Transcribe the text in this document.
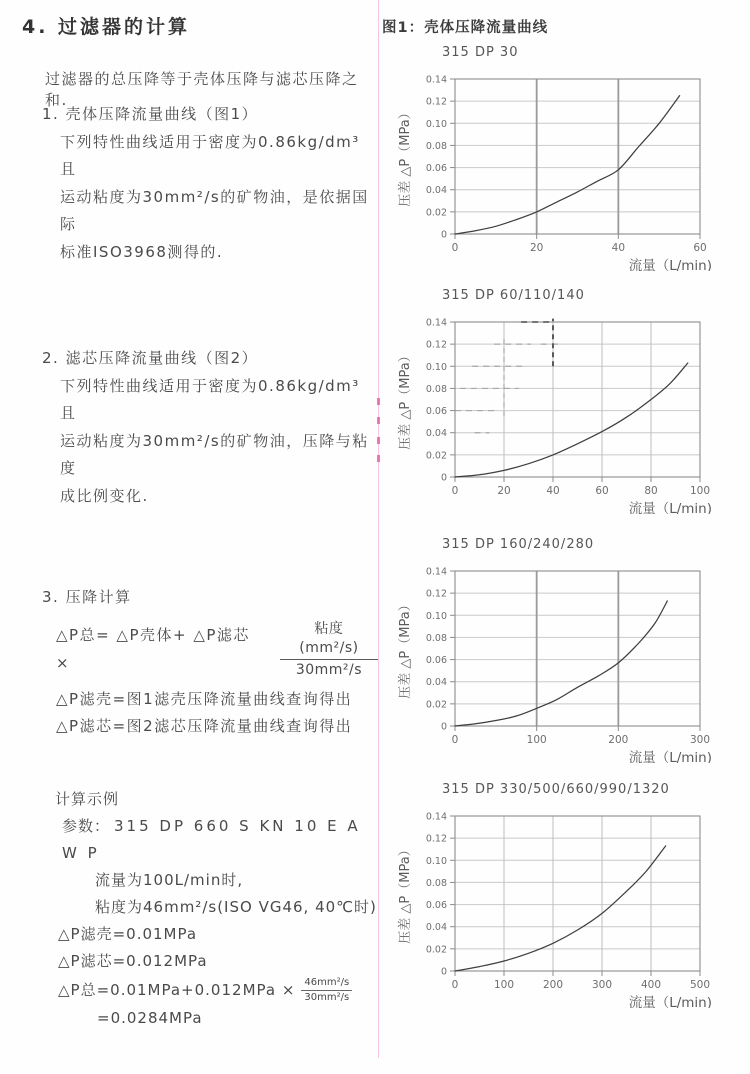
4. 过滤器的计算
过滤器的总压降等于壳体压降与滤芯压降之和.
1. 壳体压降流量曲线（图1）
下列特性曲线适用于密度为0.86kg/dm³ 且
运动粘度为30mm²/s的矿物油，是依据国际
标准ISO3968测得的.
2. 滤芯压降流量曲线（图2）
下列特性曲线适用于密度为0.86kg/dm³ 且
运动粘度为30mm²/s的矿物油，压降与粘度
成比例变化.
3. 压降计算
△P总= △P壳体+ △P滤芯 ×	$\frac{\text{粘度(mm²/s)}}{\text{30mm²/s}}$
△P滤壳=图1滤壳压降流量曲线查询得出
△P滤芯=图2滤芯压降流量曲线查询得出
计算示例
参数： 315 DP 660 S KN 10 E A W P
流量为100L/min时,
粘度为46mm²/s(ISO VG46, 40℃时)
△P滤壳=0.01MPa
△P滤芯=0.012MPa
△P总$=0.01MPa+0.012MPa \times \frac{\text{46mm²/s}}{\text{30mm²/s}}$
=0.0284MPa
图1：壳体压降流量曲线
315 DP 30
0
0.02
0.04
0.06
0.08
0.10
0.12
0.14
0	20	40	60
压差 △P（MPa）
流量（L/min)
315 DP 60/110/140
0
0.02
0.04
0.06
0.08
0.10
0.12
0.14
0	20	40	60	80	100
压差 △P（MPa）
流量（L/min)
315 DP 160/240/280
0
0.02
0.04
0.06
0.08
0.10
0.12
0.14
0	100	200	300
压差 △P（MPa）
流量（L/min)
315 DP 330/500/660/990/1320
0
0.02
0.04
0.06
0.08
0.10
0.12
0.14
0	100	200	300	400	500
压差 △P（MPa）
流量（L/min)
